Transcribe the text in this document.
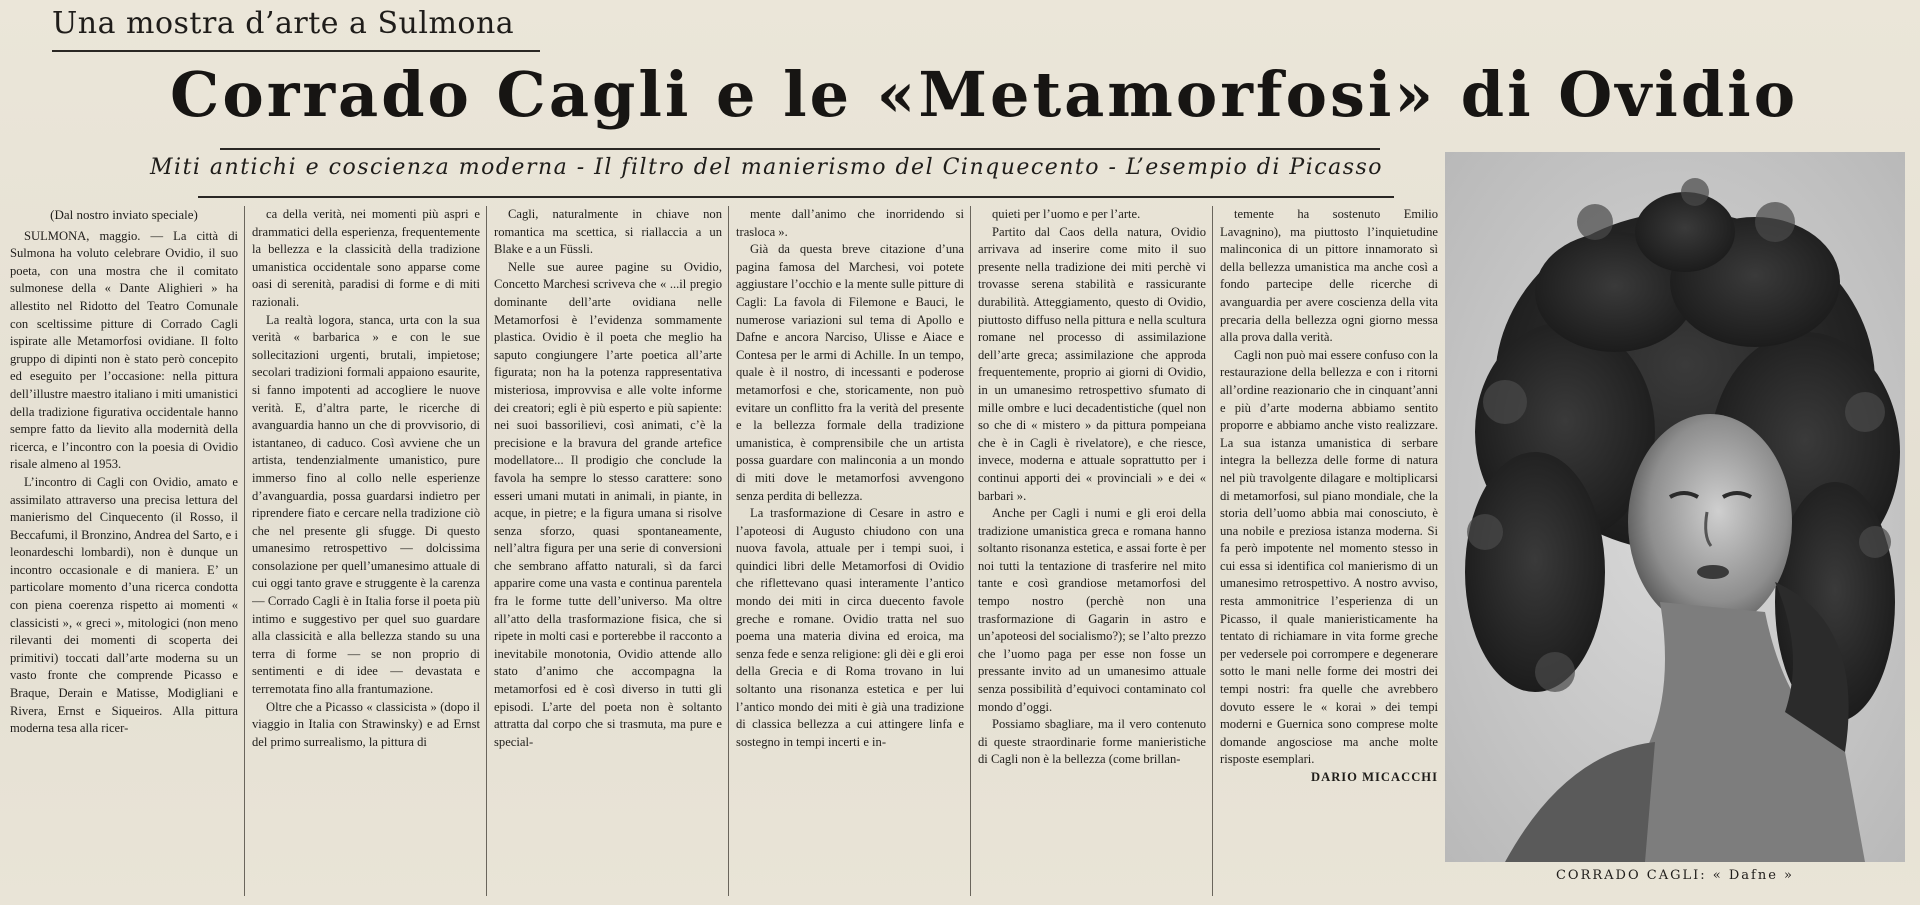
Una mostra d’arte a Sulmona
Corrado Cagli e le «Metamorfosi» di Ovidio
Miti antichi e coscienza moderna - Il filtro del manierismo del Cinquecento - L’esempio di Picasso

(Dal nostro inviato speciale)

SULMONA, maggio. — La città di Sulmona ha voluto celebrare Ovidio, il suo poeta, con una mostra che il comitato sulmonese della « Dante Alighieri » ha allestito nel Ridotto del Teatro Comunale con sceltissime pitture di Corrado Cagli ispirate alle Metamorfosi ovidiane. Il folto gruppo di dipinti non è stato però concepito ed eseguito per l’occasione: nella pittura dell’illustre maestro italiano i miti umanistici della tradizione figurativa occidentale hanno sempre fatto da lievito alla modernità della ricerca, e l’incontro con la poesia di Ovidio risale almeno al 1953.

L’incontro di Cagli con Ovidio, amato e assimilato attraverso una precisa lettura del manierismo del Cinquecento (il Rosso, il Beccafumi, il Bronzino, Andrea del Sarto, e i leonardeschi lombardi), non è dunque un incontro occasionale e di maniera. E’ un particolare momento d’una ricerca condotta con piena coerenza rispetto ai momenti « classicisti », « greci », mitologici (non meno rilevanti dei momenti di scoperta dei primitivi) toccati dall’arte moderna su un vasto fronte che comprende Picasso e Braque, Derain e Matisse, Modigliani e Rivera, Ernst e Siqueiros. Alla pittura moderna tesa alla ricer-

ca della verità, nei momenti più aspri e drammatici della esperienza, frequentemente la bellezza e la classicità della tradizione umanistica occidentale sono apparse come oasi di serenità, paradisi di forme e di miti razionali.

La realtà logora, stanca, urta con la sua verità « barbarica » e con le sue sollecitazioni urgenti, brutali, impietose; secolari tradizioni formali appaiono esaurite, si fanno impotenti ad accogliere le nuove verità. E, d’altra parte, le ricerche di avanguardia hanno un che di provvisorio, di istantaneo, di caduco. Così avviene che un artista, tendenzialmente umanistico, pure immerso fino al collo nelle esperienze d’avanguardia, possa guardarsi indietro per riprendere fiato e cercare nella tradizione ciò che nel presente gli sfugge. Di questo umanesimo retrospettivo — dolcissima consolazione per quell’umanesimo attuale di cui oggi tanto grave e struggente è la carenza — Corrado Cagli è in Italia forse il poeta più intimo e suggestivo per quel suo guardare alla classicità e alla bellezza stando su una terra di forme — se non proprio di sentimenti e di idee — devastata e terremotata fino alla frantumazione.

Oltre che a Picasso « classicista » (dopo il viaggio in Italia con Strawinsky) e ad Ernst del primo surrealismo, la pittura di

Cagli, naturalmente in chiave non romantica ma scettica, si riallaccia a un Blake e a un Füssli.

Nelle sue auree pagine su Ovidio, Concetto Marchesi scriveva che « ...il pregio dominante dell’arte ovidiana nelle Metamorfosi è l’evidenza sommamente plastica. Ovidio è il poeta che meglio ha saputo congiungere l’arte poetica all’arte figurata; non ha la potenza rappresentativa misteriosa, improvvisa e alle volte informe dei creatori; egli è più esperto e più sapiente: nei suoi bassorilievi, così animati, c’è la precisione e la bravura del grande artefice modellatore... Il prodigio che conclude la favola ha sempre lo stesso carattere: sono esseri umani mutati in animali, in piante, in acque, in pietre; e la figura umana si risolve senza sforzo, quasi spontaneamente, nell’altra figura per una serie di conversioni che sembrano affatto naturali, sì da farci apparire come una vasta e continua parentela fra le forme tutte dell’universo. Ma oltre all’atto della trasformazione fisica, che si ripete in molti casi e porterebbe il racconto a inevitabile monotonia, Ovidio attende allo stato d’animo che accompagna la metamorfosi ed è così diverso in tutti gli episodi. L’arte del poeta non è soltanto attratta dal corpo che si trasmuta, ma pure e special-

mente dall’animo che inorridendo si trasloca ».

Già da questa breve citazione d’una pagina famosa del Marchesi, voi potete aggiustare l’occhio e la mente sulle pitture di Cagli: La favola di Filemone e Bauci, le numerose variazioni sul tema di Apollo e Dafne e ancora Narciso, Ulisse e Aiace e Contesa per le armi di Achille. In un tempo, quale è il nostro, di incessanti e poderose metamorfosi e che, storicamente, non può evitare un conflitto fra la verità del presente e la bellezza formale della tradizione umanistica, è comprensibile che un artista possa guardare con malinconia a un mondo di miti dove le metamorfosi avvengono senza perdita di bellezza.

La trasformazione di Cesare in astro e l’apoteosi di Augusto chiudono con una nuova favola, attuale per i tempi suoi, i quindici libri delle Metamorfosi di Ovidio che riflettevano quasi interamente l’antico mondo dei miti in circa duecento favole greche e romane. Ovidio tratta nel suo poema una materia divina ed eroica, ma senza fede e senza religione: gli dèi e gli eroi della Grecia e di Roma trovano in lui soltanto una risonanza estetica e per lui l’antico mondo dei miti è già una tradizione di classica bellezza a cui attingere linfa e sostegno in tempi incerti e in-

quieti per l’uomo e per l’arte.

Partito dal Caos della natura, Ovidio arrivava ad inserire come mito il suo presente nella tradizione dei miti perchè vi trovasse serena stabilità e rassicurante durabilità. Atteggiamento, questo di Ovidio, piuttosto diffuso nella pittura e nella scultura romane nel processo di assimilazione dell’arte greca; assimilazione che approda frequentemente, proprio ai giorni di Ovidio, in un umanesimo retrospettivo sfumato di mille ombre e luci decadentistiche (quel non so che di « mistero » da pittura pompeiana che è in Cagli è rivelatore), e che riesce, invece, moderna e attuale soprattutto per i continui apporti dei « provinciali » e dei « barbari ».

Anche per Cagli i numi e gli eroi della tradizione umanistica greca e romana hanno soltanto risonanza estetica, e assai forte è per noi tutti la tentazione di trasferire nel mito tante e così grandiose metamorfosi del tempo nostro (perchè non una trasformazione di Gagarin in astro e un’apoteosi del socialismo?); se l’alto prezzo che l’uomo paga per esse non fosse un pressante invito ad un umanesimo attuale senza possibilità d’equivoci contaminato col mondo d’oggi.

Possiamo sbagliare, ma il vero contenuto di queste straordinarie forme manieristiche di Cagli non è la bellezza (come brillan-

temente ha sostenuto Emilio Lavagnino), ma piuttosto l’inquietudine malinconica di un pittore innamorato sì della bellezza umanistica ma anche così a fondo partecipe delle ricerche di avanguardia per avere coscienza della vita precaria della bellezza ogni giorno messa alla prova dalla verità.

Cagli non può mai essere confuso con la restaurazione della bellezza e con i ritorni all’ordine reazionario che in cinquant’anni e più d’arte moderna abbiamo sentito proporre e abbiamo anche visto realizzare. La sua istanza umanistica di serbare integra la bellezza delle forme di natura nel più travolgente dilagare e moltiplicarsi di metamorfosi, sul piano mondiale, che la storia dell’uomo abbia mai conosciuto, è una nobile e preziosa istanza moderna. Si fa però impotente nel momento stesso in cui essa si identifica col manierismo di un umanesimo retrospettivo. A nostro avviso, resta ammonitrice l’esperienza di un Picasso, il quale manieristicamente ha tentato di richiamare in vita forme greche per vedersele poi corrompere e degenerare sotto le mani nelle forme dei mostri dei tempi nostri: fra quelle che avrebbero dovuto essere le « korai » dei tempi moderni e Guernica sono comprese molte domande angosciose ma anche molte risposte esemplari.

DARIO MICACCHI

CORRADO CAGLI: « Dafne »
